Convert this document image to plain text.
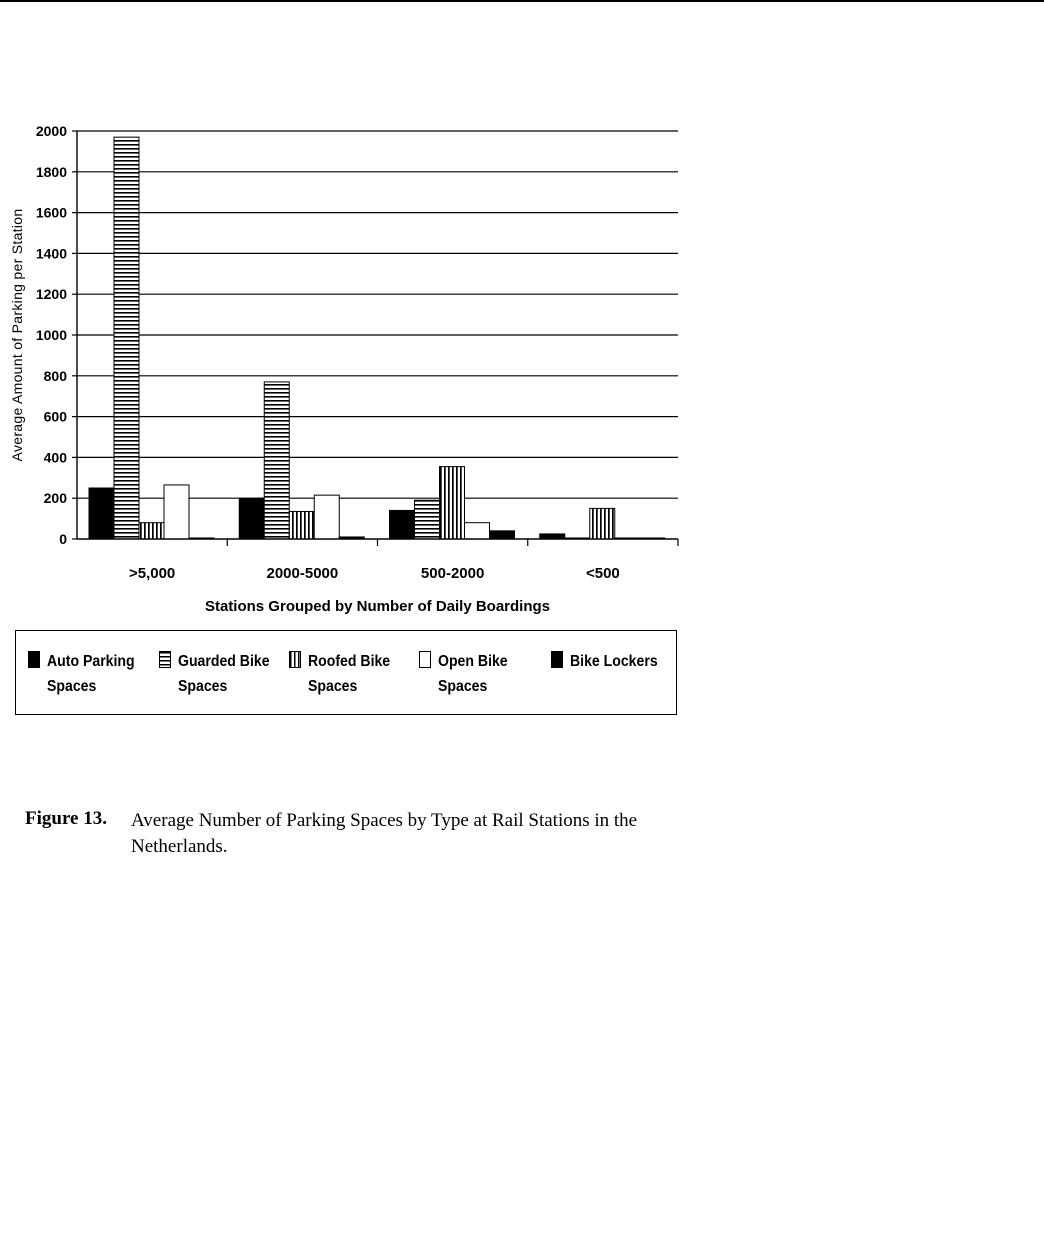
0
200
400
600
800
1000
1200
1400
1600
1800
2000
>5,000	2000-5000	500-2000	<500
Stations Grouped by Number of Daily Boardings
Average Amount of Parking per Station
Auto Parking
Spaces
Guarded Bike
Spaces
Roofed Bike
Spaces
Open Bike
Spaces
Bike Lockers

Figure 13. Average Number of Parking Spaces by Type at Rail Stations in the Netherlands.
